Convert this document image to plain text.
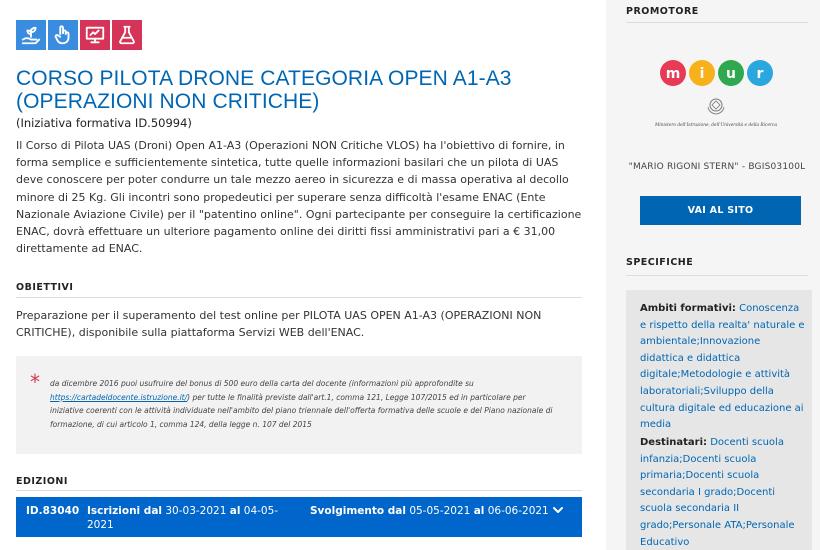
CORSO PILOTA DRONE CATEGORIA OPEN A1-A3 (OPERAZIONI NON CRITICHE)
(Iniziativa formativa ID.50994)

Il Corso di Pilota UAS (Droni) Open A1-A3 (Operazioni NON Critiche VLOS) ha l'obiettivo di fornire, in forma semplice e sufficientemente sintetica, tutte quelle informazioni basilari che un pilota di UAS deve conoscere per poter condurre un tale mezzo aereo in sicurezza e di massa operativa al decollo minore di 25 Kg. Gli incontri sono propedeutici per superare senza difficoltà l'esame ENAC (Ente Nazionale Aviazione Civile) per il "patentino online". Ogni partecipante per conseguire la certificazione ENAC, dovrà effettuare un ulteriore pagamento online dei diritti fissi amministrativi pari a € 31,00 direttamente ad ENAC.

OBIETTIVI

Preparazione per il superamento del test online per PILOTA UAS OPEN A1-A3 (OPERAZIONI NON CRITICHE), disponibile sulla piattaforma Servizi WEB dell'ENAC.

* da dicembre 2016 puoi usufruire del bonus di 500 euro della carta del docente (informazioni più approfondite su https://cartadeldocente.istruzione.it/) per tutte le finalità previste dall'art.1, comma 121, Legge 107/2015 ed in particolare per iniziative coerenti con le attività individuate nell'ambito del piano triennale dell'offerta formativa delle scuole e del Piano nazionale di formazione, di cui articolo 1, comma 124, della legge n. 107 del 2015

EDIZIONI
ID.83040 Iscrizioni dal 30-03-2021 al 04-05-2021
Svolgimento dal 05-05-2021 al 06-06-2021
PROMOTORE
m i u r
Ministero dell'Istruzione, dell'Università e della Ricerca
"MARIO RIGONI STERN" - BGIS03100L
VAI AL SITO
SPECIFICHE
Ambiti formativi: Conoscenza e rispetto della realta' naturale e ambientale;Innovazione didattica e didattica digitale;Metodologie e attività laboratoriali;Sviluppo della cultura digitale ed educazione ai media
Destinatari: Docenti scuola infanzia;Docenti scuola primaria;Docenti scuola secondaria I grado;Docenti scuola secondaria II grado;Personale ATA;Personale Educativo
